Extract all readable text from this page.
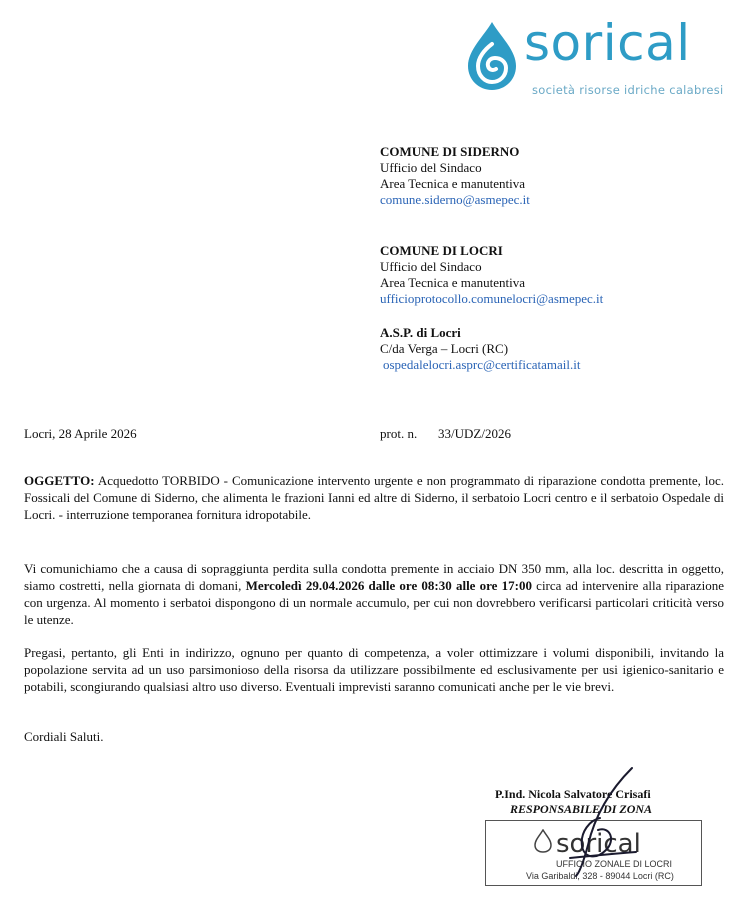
sorical
società risorse idriche calabresi
COMUNE DI SIDERNO
Ufficio del Sindaco
Area Tecnica e manutentiva
comune.siderno@asmepec.it
COMUNE DI LOCRI
Ufficio del Sindaco
Area Tecnica e manutentiva
ufficioprotocollo.comunelocri@asmepec.it
A.S.P. di Locri
C/da Verga – Locri (RC)
ospedalelocri.asprc@certificatamail.it
Locri, 28 Aprile 2026	prot. n. 33/UDZ/2026
OGGETTO: Acquedotto TORBIDO - Comunicazione intervento urgente e non programmato di riparazione condotta premente, loc. Fossicali del Comune di Siderno, che alimenta le frazioni Ianni ed altre di Siderno, il serbatoio Locri centro e il serbatoio Ospedale di Locri. - interruzione temporanea fornitura idropotabile.
Vi comunichiamo che a causa di sopraggiunta perdita sulla condotta premente in acciaio DN 350 mm, alla loc. descritta in oggetto, siamo costretti, nella giornata di domani, Mercoledì 29.04.2026 dalle ore 08:30 alle ore 17:00 circa ad intervenire alla riparazione con urgenza. Al momento i serbatoi dispongono di un normale accumulo, per cui non dovrebbero verificarsi particolari criticità verso le utenze.
Pregasi, pertanto, gli Enti in indirizzo, ognuno per quanto di competenza, a voler ottimizzare i volumi disponibili, invitando la popolazione servita ad un uso parsimonioso della risorsa da utilizzare possibilmente ed esclusivamente per usi igienico-sanitario e potabili, scongiurando qualsiasi altro uso diverso. Eventuali imprevisti saranno comunicati anche per le vie brevi.
Cordiali Saluti.
P.Ind. Nicola Salvatore Crisafi
RESPONSABILE DI ZONA
sorical
UFFICIO ZONALE DI LOCRI
Via Garibaldi, 328 - 89044 Locri (RC)
